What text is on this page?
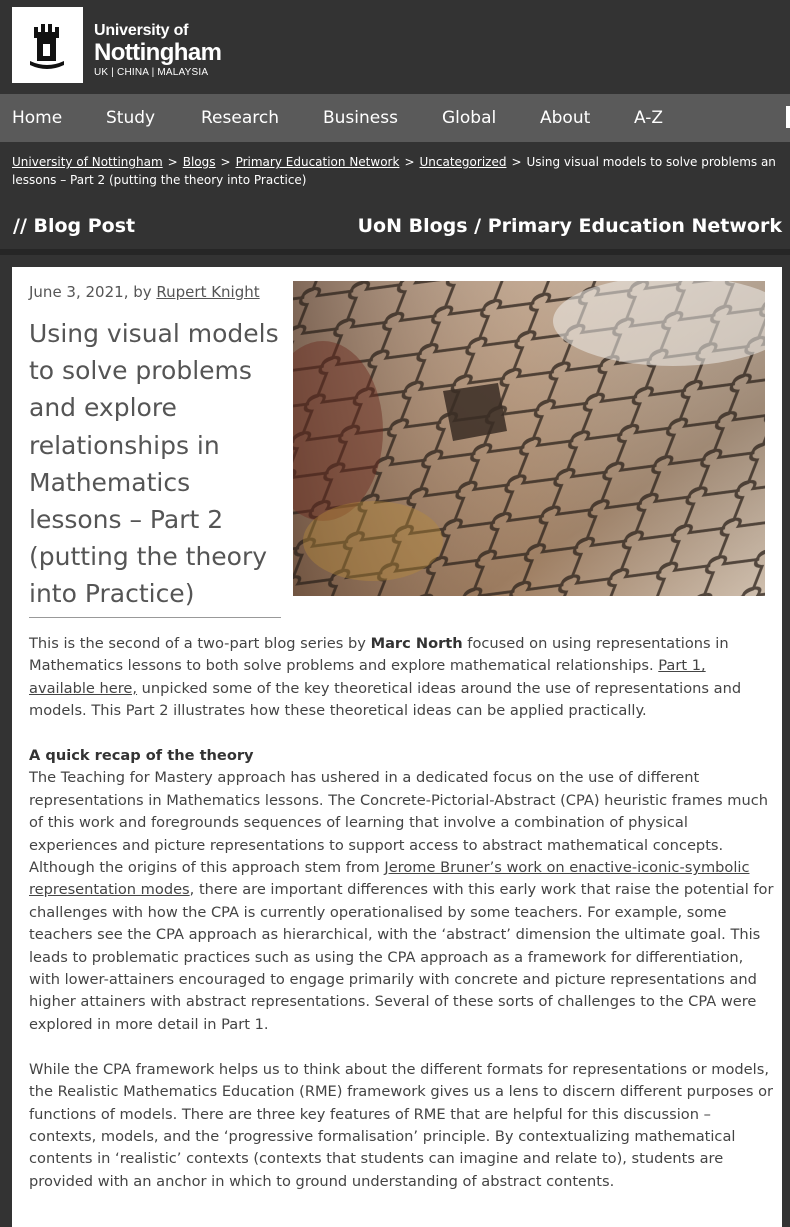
University of
Nottingham
UK | CHINA | MALAYSIA
Home	Study	Research	Business	Global	About	A-Z
University of Nottingham > Blogs > Primary Education Network > Uncategorized > Using visual models to solve problems an
lessons – Part 2 (putting the theory into Practice)
// Blog Post	UoN Blogs / Primary Education Network
June 3, 2021, by Rupert Knight
Using visual models
to solve problems
and explore
relationships in
Mathematics
lessons – Part 2
(putting the theory
into Practice)

This is the second of a two-part blog series by Marc North focused on using representations in Mathematics lessons to both solve problems and explore mathematical relationships. Part 1, available here, unpicked some of the key theoretical ideas around the use of representations and models. This Part 2 illustrates how these theoretical ideas can be applied practically.

A quick recap of the theory
The Teaching for Mastery approach has ushered in a dedicated focus on the use of different representations in Mathematics lessons. The Concrete-Pictorial-Abstract (CPA) heuristic frames much of this work and foregrounds sequences of learning that involve a combination of physical experiences and picture representations to support access to abstract mathematical concepts. Although the origins of this approach stem from Jerome Bruner’s work on enactive-iconic-symbolic representation modes, there are important differences with this early work that raise the potential for challenges with how the CPA is currently operationalised by some teachers. For example, some teachers see the CPA approach as hierarchical, with the ‘abstract’ dimension the ultimate goal. This leads to problematic practices such as using the CPA approach as a framework for differentiation, with lower-attainers encouraged to engage primarily with concrete and picture representations and higher attainers with abstract representations. Several of these sorts of challenges to the CPA were explored in more detail in Part 1.

While the CPA framework helps us to think about the different formats for representations or models, the Realistic Mathematics Education (RME) framework gives us a lens to discern different purposes or functions of models. There are three key features of RME that are helpful for this discussion – contexts, models, and the ‘progressive formalisation’ principle. By contextualizing mathematical contents in ‘realistic’ contexts (contexts that students can imagine and relate to), students are provided with an anchor in which to ground understanding of abstract contents.
